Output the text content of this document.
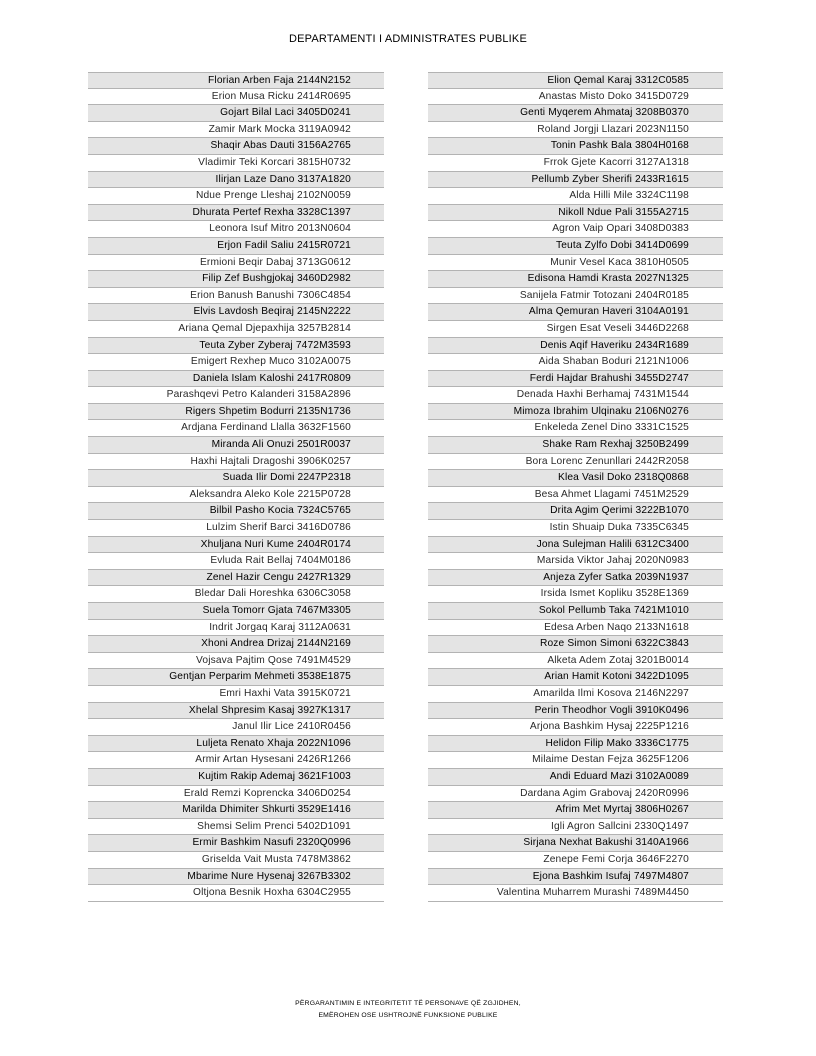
DEPARTAMENTI I ADMINISTRATES PUBLIKE
Florian Arben Faja 2144N2152
Erion Musa Ricku 2414R0695
Gojart Bilal Laci 3405D0241
Zamir Mark Mocka 3119A0942
Shaqir Abas Dauti 3156A2765
Vladimir Teki Korcari 3815H0732
Ilirjan Laze Dano 3137A1820
Ndue Prenge Lleshaj 2102N0059
Dhurata Pertef Rexha 3328C1397
Leonora Isuf Mitro 2013N0604
Erjon Fadil Saliu 2415R0721
Ermioni Beqir Dabaj 3713G0612
Filip Zef Bushgjokaj 3460D2982
Erion Banush Banushi 7306C4854
Elvis Lavdosh Beqiraj 2145N2222
Ariana Qemal Djepaxhija 3257B2814
Teuta Zyber Zyberaj 7472M3593
Emigert Rexhep Muco 3102A0075
Daniela Islam Kaloshi 2417R0809
Parashqevi Petro Kalanderi 3158A2896
Rigers Shpetim Bodurri 2135N1736
Ardjana Ferdinand Llalla 3632F1560
Miranda Ali Onuzi 2501R0037
Haxhi Hajtali Dragoshi 3906K0257
Suada Ilir Domi 2247P2318
Aleksandra Aleko Kole 2215P0728
Bilbil Pasho Kocia 7324C5765
Lulzim Sherif Barci 3416D0786
Xhuljana Nuri Kume 2404R0174
Evluda Rait Bellaj 7404M0186
Zenel Hazir Cengu 2427R1329
Bledar Dali Horeshka 6306C3058
Suela Tomorr Gjata 7467M3305
Indrit Jorgaq Karaj 3112A0631
Xhoni Andrea Drizaj 2144N2169
Vojsava Pajtim Qose 7491M4529
Gentjan Perparim Mehmeti 3538E1875
Emri Haxhi Vata 3915K0721
Xhelal Shpresim Kasaj 3927K1317
Janul Ilir Lice 2410R0456
Luljeta Renato Xhaja 2022N1096
Armir Artan Hysesani 2426R1266
Kujtim Rakip Ademaj 3621F1003
Erald Remzi Koprencka 3406D0254
Marilda Dhimiter Shkurti 3529E1416
Shemsi Selim Prenci 5402D1091
Ermir Bashkim Nasufi 2320Q0996
Griselda Vait Musta 7478M3862
Mbarime Nure Hysenaj 3267B3302
Oltjona Besnik Hoxha 6304C2955
Elion Qemal Karaj 3312C0585
Anastas Misto Doko 3415D0729
Genti Myqerem Ahmataj 3208B0370
Roland Jorgji Llazari 2023N1150
Tonin Pashk Bala 3804H0168
Frrok Gjete Kacorri 3127A1318
Pellumb Zyber Sherifi 2433R1615
Alda Hilli Mile 3324C1198
Nikoll Ndue Pali 3155A2715
Agron Vaip Opari 3408D0383
Teuta Zylfo Dobi 3414D0699
Munir Vesel Kaca 3810H0505
Edisona Hamdi Krasta 2027N1325
Sanijela Fatmir Totozani 2404R0185
Alma Qemuran Haveri 3104A0191
Sirgen Esat Veseli 3446D2268
Denis Aqif Haveriku 2434R1689
Aida Shaban Boduri 2121N1006
Ferdi Hajdar Brahushi 3455D2747
Denada Haxhi Berhamaj 7431M1544
Mimoza Ibrahim Ulqinaku 2106N0276
Enkeleda Zenel Dino 3331C1525
Shake Ram Rexhaj 3250B2499
Bora Lorenc Zenunllari 2442R2058
Klea Vasil Doko 2318Q0868
Besa Ahmet Llagami 7451M2529
Drita Agim Qerimi 3222B1070
Istin Shuaip Duka 7335C6345
Jona Sulejman Halili 6312C3400
Marsida Viktor Jahaj 2020N0983
Anjeza Zyfer Satka 2039N1937
Irsida Ismet Kopliku 3528E1369
Sokol Pellumb Taka 7421M1010
Edesa Arben Naqo 2133N1618
Roze Simon Simoni 6322C3843
Alketa Adem Zotaj 3201B0014
Arian Hamit Kotoni 3422D1095
Amarilda Ilmi Kosova 2146N2297
Perin Theodhor Vogli 3910K0496
Arjona Bashkim Hysaj 2225P1216
Helidon Filip Mako 3336C1775
Milaime Destan Fejza 3625F1206
Andi Eduard Mazi 3102A0089
Dardana Agim Grabovaj 2420R0996
Afrim Met Myrtaj 3806H0267
Igli Agron Sallcini 2330Q1497
Sirjana Nexhat Bakushi 3140A1966
Zenepe Femi Corja 3646F2270
Ejona Bashkim Isufaj 7497M4807
Valentina Muharrem Murashi 7489M4450
PËRGARANTIMIN E INTEGRITETIT TË PERSONAVE QË ZGJIDHEN,
EMËROHEN OSE USHTROJNË FUNKSIONE PUBLIKE
